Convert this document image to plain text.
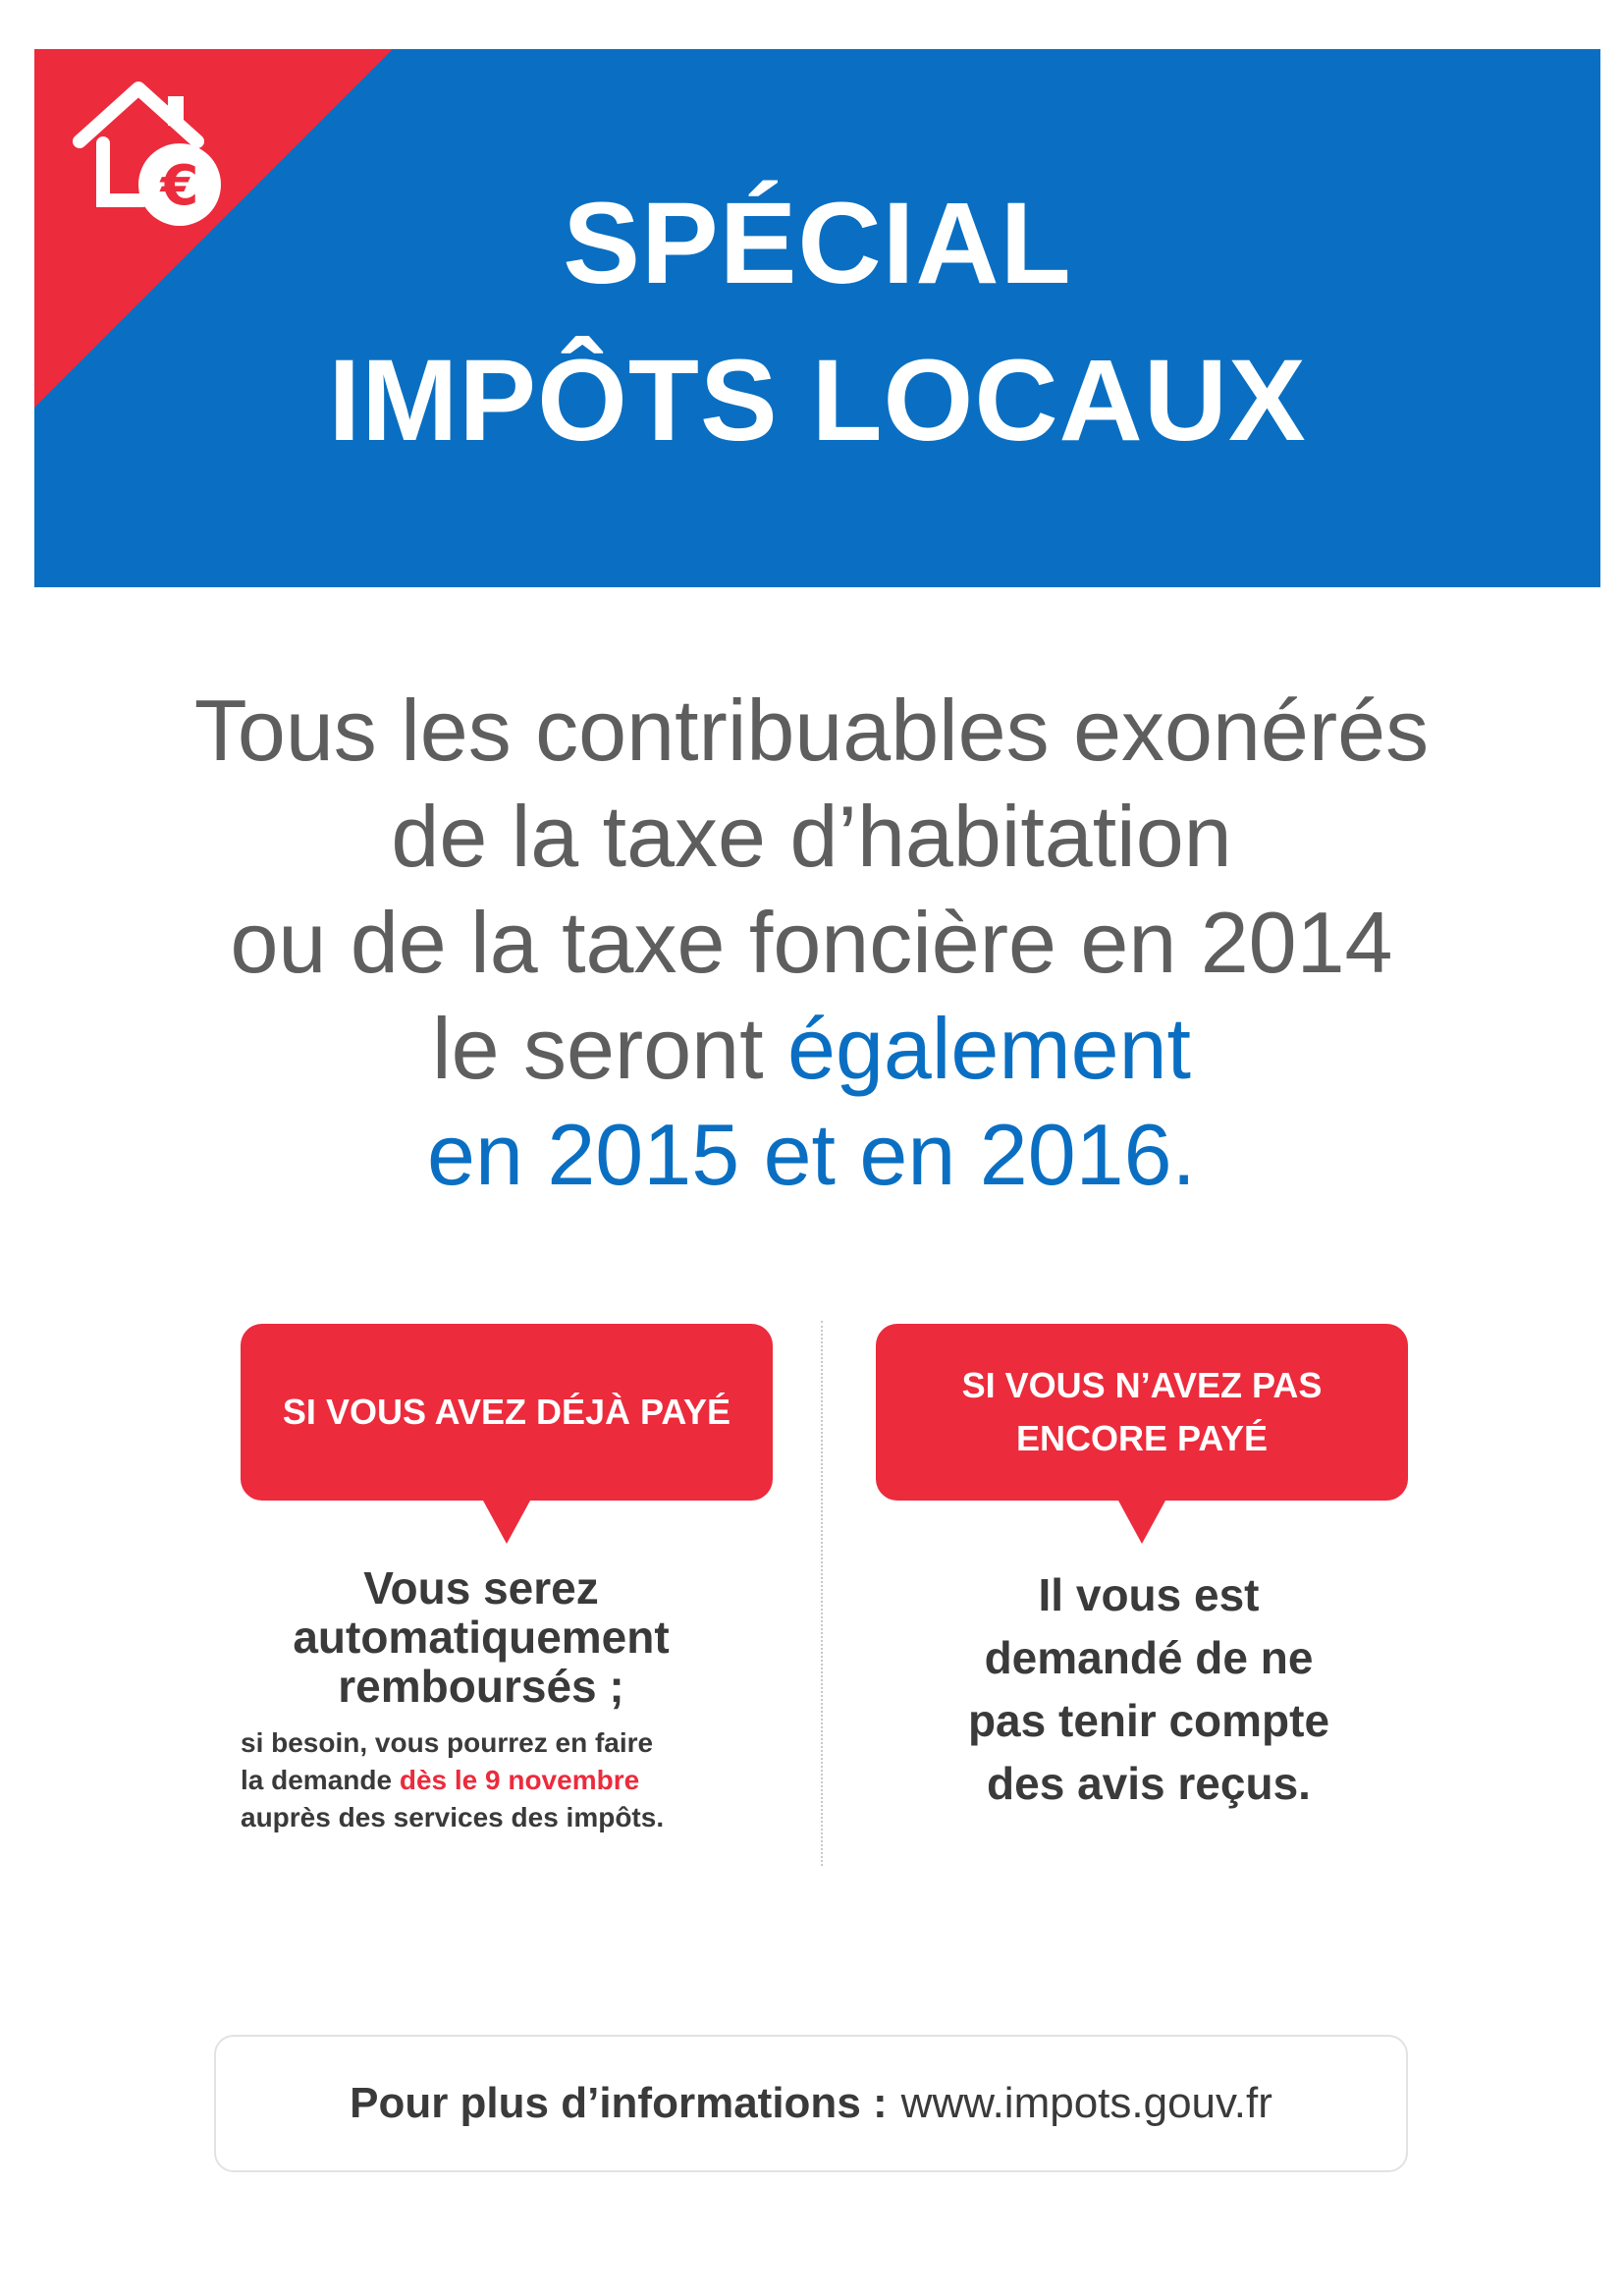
€	SPÉCIAL
IMPÔTS LOCAUX
Tous les contribuables exonérés
de la taxe d’habitation
ou de la taxe foncière en 2014
le seront également
en 2015 et en 2016.
SI VOUS AVEZ DÉJÀ PAYÉ
SI VOUS N’AVEZ PAS
ENCORE PAYÉ
Vous serez
automatiquement
remboursés ;
si besoin, vous pourrez en faire
la demande dès le 9 novembre
auprès des services des impôts.
Il vous est
demandé de ne
pas tenir compte
des avis reçus.
Pour plus d’informations : www.impots.gouv.fr
